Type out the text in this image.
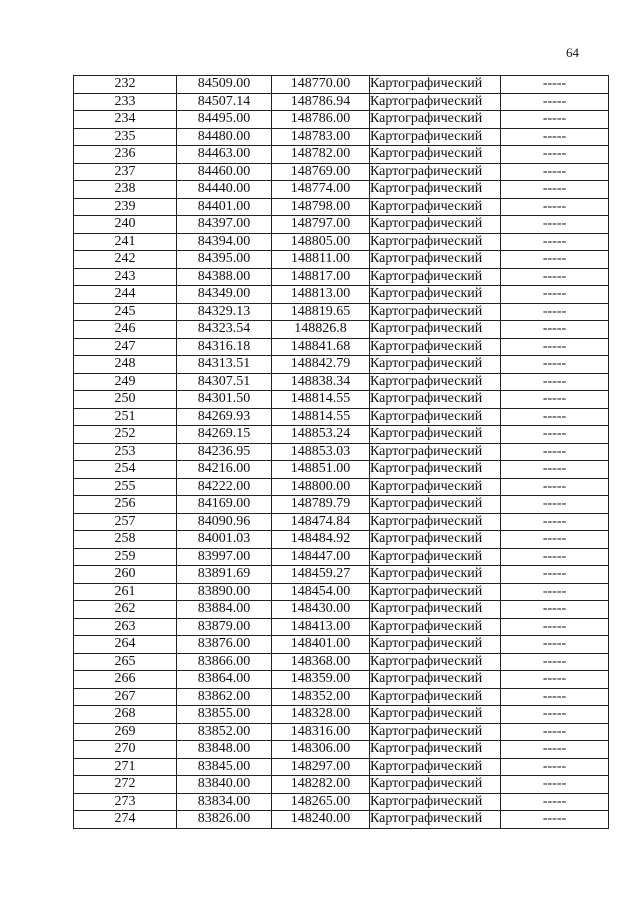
64
232	84509.00	148770.00	Картографический	-----
233	84507.14	148786.94	Картографический	-----
234	84495.00	148786.00	Картографический	-----
235	84480.00	148783.00	Картографический	-----
236	84463.00	148782.00	Картографический	-----
237	84460.00	148769.00	Картографический	-----
238	84440.00	148774.00	Картографический	-----
239	84401.00	148798.00	Картографический	-----
240	84397.00	148797.00	Картографический	-----
241	84394.00	148805.00	Картографический	-----
242	84395.00	148811.00	Картографический	-----
243	84388.00	148817.00	Картографический	-----
244	84349.00	148813.00	Картографический	-----
245	84329.13	148819.65	Картографический	-----
246	84323.54	148826.8	Картографический	-----
247	84316.18	148841.68	Картографический	-----
248	84313.51	148842.79	Картографический	-----
249	84307.51	148838.34	Картографический	-----
250	84301.50	148814.55	Картографический	-----
251	84269.93	148814.55	Картографический	-----
252	84269.15	148853.24	Картографический	-----
253	84236.95	148853.03	Картографический	-----
254	84216.00	148851.00	Картографический	-----
255	84222.00	148800.00	Картографический	-----
256	84169.00	148789.79	Картографический	-----
257	84090.96	148474.84	Картографический	-----
258	84001.03	148484.92	Картографический	-----
259	83997.00	148447.00	Картографический	-----
260	83891.69	148459.27	Картографический	-----
261	83890.00	148454.00	Картографический	-----
262	83884.00	148430.00	Картографический	-----
263	83879.00	148413.00	Картографический	-----
264	83876.00	148401.00	Картографический	-----
265	83866.00	148368.00	Картографический	-----
266	83864.00	148359.00	Картографический	-----
267	83862.00	148352.00	Картографический	-----
268	83855.00	148328.00	Картографический	-----
269	83852.00	148316.00	Картографический	-----
270	83848.00	148306.00	Картографический	-----
271	83845.00	148297.00	Картографический	-----
272	83840.00	148282.00	Картографический	-----
273	83834.00	148265.00	Картографический	-----
274	83826.00	148240.00	Картографический	-----
